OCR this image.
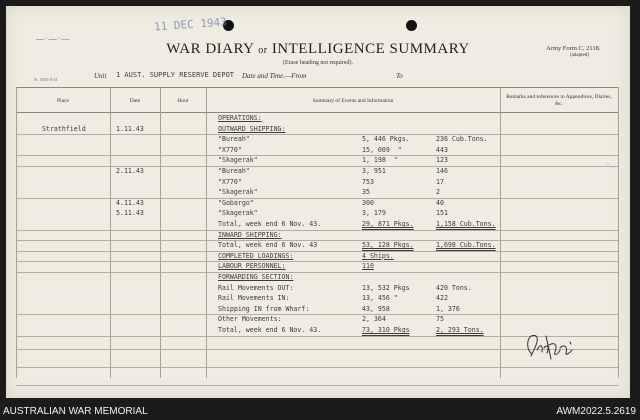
11 DEC 1943
—·—·—
WAR DIARY or INTELLIGENCE SUMMARY
(Erase heading not required).
Army Form C. 2118.
(adapted)
N. 1059 S/31	Unit 1 AUST. SUPPLY RESERVE DEPOT Date and Time.—From	To
Place	Date	Hour	Summary of Events and Information
Remarks and references to Appendices, Diaries, &c.
OPERATIONS:
Strathfield	1.11.43	OUTWARD SHIPPING:
"Bureah"	5, 446 Pkgs.	236 Cub.Tons.
"X770"	15, 009  "	443
"Skagerak"	1, 198  "	123
2.11.43	"Bureah"	3, 951	146
"X770"	753	17
"Skagerak"	35	2
4.11.43	"Gobargo"	300	40
5.11.43	"Skagerak"	3, 179	151
Total, week end 6 Nov. 43.	29, 871 Pkgs.	1,158 Cub.Tons.
INWARD SHIPPING:
Total, week end 6 Nov. 43	53, 128 Pkgs.	1,698 Cub.Tons.
COMPLETED LOADINGS:	4 Ships.
LABOUR PERSONNEL:	110
FORWARDING SECTION:
Rail Movements OUT:	13, 532 Pkgs	420 Tons.
Rail Movements IN:	13, 456 "	422
Shipping IN from Wharf:	43, 958	1, 376
Other Movements:	2, 364	75
Total, week end 6 Nov. 43.	73, 310 Pkgs	2, 293 Tons.
~ ,
AUSTRALIAN WAR MEMORIAL	AWM2022.5.2619
